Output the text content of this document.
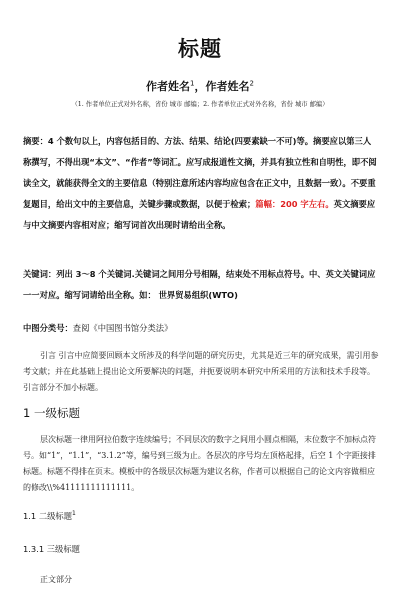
标题
作者姓名$^1$，作者姓名$^2$
（1. 作者单位正式对外名称，省份 城市 邮编；2. 作者单位正式对外名称，省份 城市 邮编）
摘要：4 个数句以上，内容包括目的、方法、结果、结论(四要素缺一不可)等。摘要应以第三人称撰写，不得出现“本文”、“作者”等词汇。应写成报道性文摘，并具有独立性和自明性，即不阅读全文，就能获得全文的主要信息（特别注意所述内容均应包含在正文中，且数据一致）。不要重复题目，给出文中的主要信息，关键步骤或数据，以便于检索；篇幅：200 字左右。英文摘要应与中文摘要内容相对应；缩写词首次出现时请给出全称。
关键词：列出 3～8 个关键词.关键词之间用分号相隔，结束处不用标点符号。中、英文关键词应一一对应。缩写词请给出全称。如： 世界贸易组织(WTO)
中图分类号：查阅《中国图书馆分类法》
引言 引言中应简要回顾本文所涉及的科学问题的研究历史，尤其是近三年的研究成果，需引用参考文献；并在此基础上提出论文所要解决的问题，并扼要说明本研究中所采用的方法和技术手段等。引言部分不加小标题。
1 一级标题
层次标题一律用阿拉伯数字连续编号；不同层次的数字之间用小圆点相隔，末位数字不加标点符号。如“1”，“1.1”，“3.1.2”等，编号到三级为止。各层次的序号均左顶格起排，后空 1 个字距接排标题。标题不得排在页末。模板中的各级层次标题为建议名称，作者可以根据自己的论文内容做相应的修改\\%41111111111111。
1.1 二级标题$^1$
1.3.1 三级标题
正文部分
